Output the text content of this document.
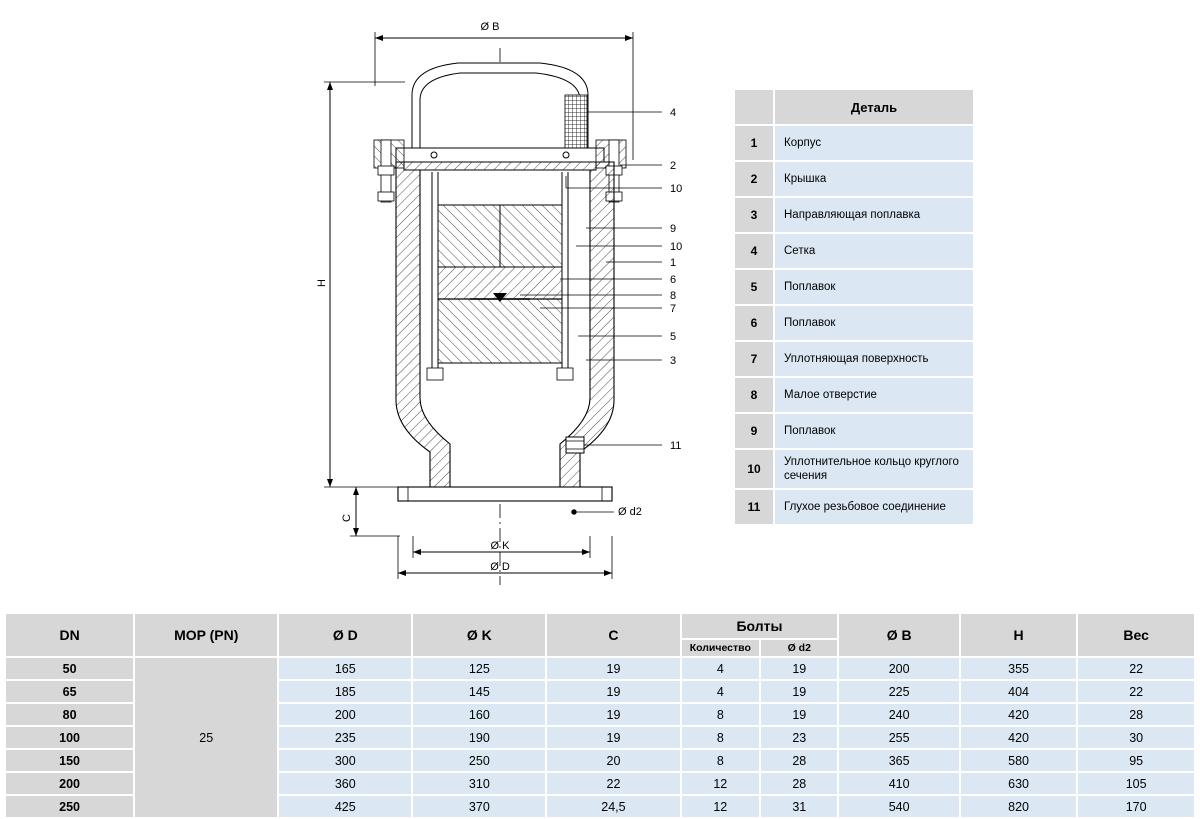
Ø B
H
C
Ø K
Ø D
Ø d2
4
2
10
9
10
1
6
8
7
5
3
11
	Деталь
1	Корпус
2	Крышка
3	Направляющая поплавка
4	Сетка
5	Поплавок
6	Поплавок
7	Уплотняющая поверхность
8	Малое отверстие
9	Поплавок
10	Уплотнительное кольцо круглого сечения
11	Глухое резьбовое соединение
DN	MOP (PN)	Ø D	Ø K	C	Болты		Ø B	H	Вес
					Количество	Ø d2			
50	25	165	125	19	4	19	200	355	22
65		185	145	19	4	19	225	404	22
80		200	160	19	8	19	240	420	28
100		235	190	19	8	23	255	420	30
150		300	250	20	8	28	365	580	95
200		360	310	22	12	28	410	630	105
250		425	370	24,5	12	31	540	820	170
